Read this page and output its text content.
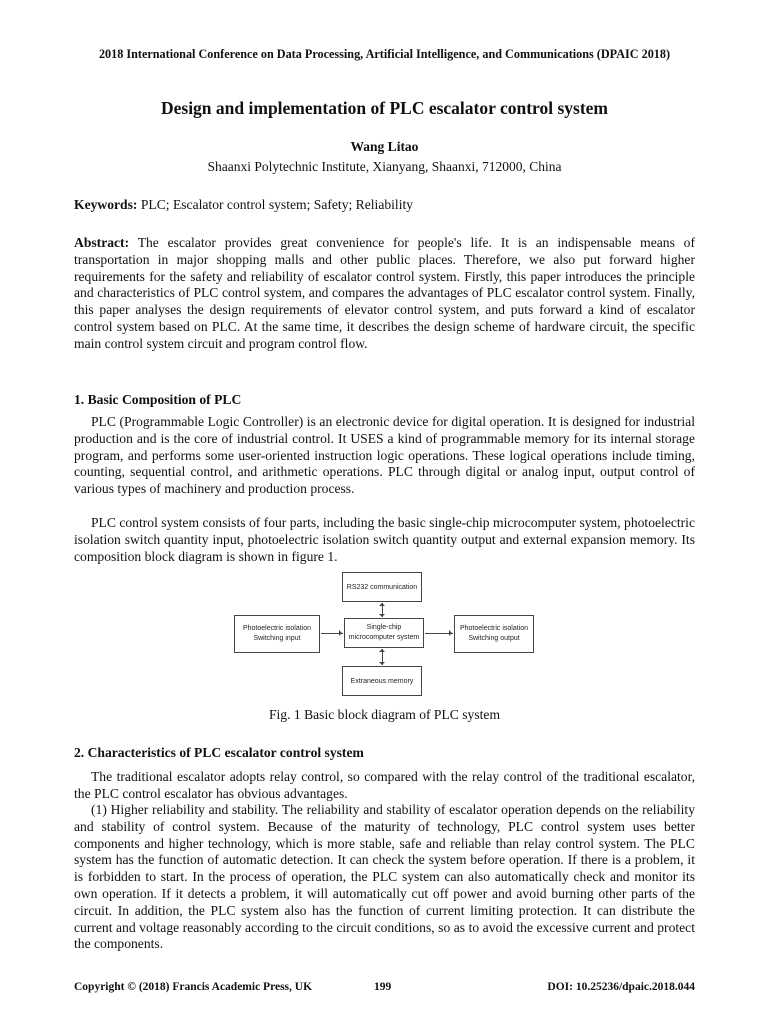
2018 International Conference on Data Processing, Artificial Intelligence, and Communications (DPAIC 2018)
Design and implementation of PLC escalator control system
Wang Litao
Shaanxi Polytechnic Institute, Xianyang, Shaanxi, 712000, China
Keywords: PLC; Escalator control system; Safety; Reliability

Abstract: The escalator provides great convenience for people's life. It is an indispensable means of transportation in major shopping malls and other public places. Therefore, we also put forward higher requirements for the safety and reliability of escalator control system. Firstly, this paper introduces the principle and characteristics of PLC control system, and compares the advantages of PLC escalator control system. Finally, this paper analyses the design requirements of elevator control system, and puts forward a kind of escalator control system based on PLC. At the same time, it describes the design scheme of hardware circuit, the specific main control system circuit and program control flow.

1. Basic Composition of PLC

PLC (Programmable Logic Controller) is an electronic device for digital operation. It is designed for industrial production and is the core of industrial control. It USES a kind of programmable memory for its internal storage program, and performs some user-oriented instruction logic operations. These logical operations include timing, counting, sequential control, and arithmetic operations. PLC through digital or analog input, output control of various types of machinery and production process.

PLC control system consists of four parts, including the basic single-chip microcomputer system, photoelectric isolation switch quantity input, photoelectric isolation switch quantity output and external expansion memory. Its composition block diagram is shown in figure 1.

RS232 communication
Photoelectric isolation
Switching input
Single-chip
microcomputer system
Photoelectric isolation
Switching output
Extraneous memory
Fig. 1 Basic block diagram of PLC system

2. Characteristics of PLC escalator control system

The traditional escalator adopts relay control, so compared with the relay control of the traditional escalator, the PLC control escalator has obvious advantages.

(1) Higher reliability and stability. The reliability and stability of escalator operation depends on the reliability and stability of control system. Because of the maturity of technology, PLC control system uses better components and higher technology, which is more stable, safe and reliable than relay control system. The PLC system has the function of automatic detection. It can check the system before operation. If there is a problem, it is forbidden to start. In the process of operation, the PLC system can also automatically check and monitor its own operation. If it detects a problem, it will automatically cut off power and avoid burning other parts of the circuit. In addition, the PLC system also has the function of current limiting protection. It can distribute the current and voltage reasonably according to the circuit conditions, so as to avoid the excessive current and protect the components.

Copyright © (2018) Francis Academic Press, UK	199	DOI: 10.25236/dpaic.2018.044
